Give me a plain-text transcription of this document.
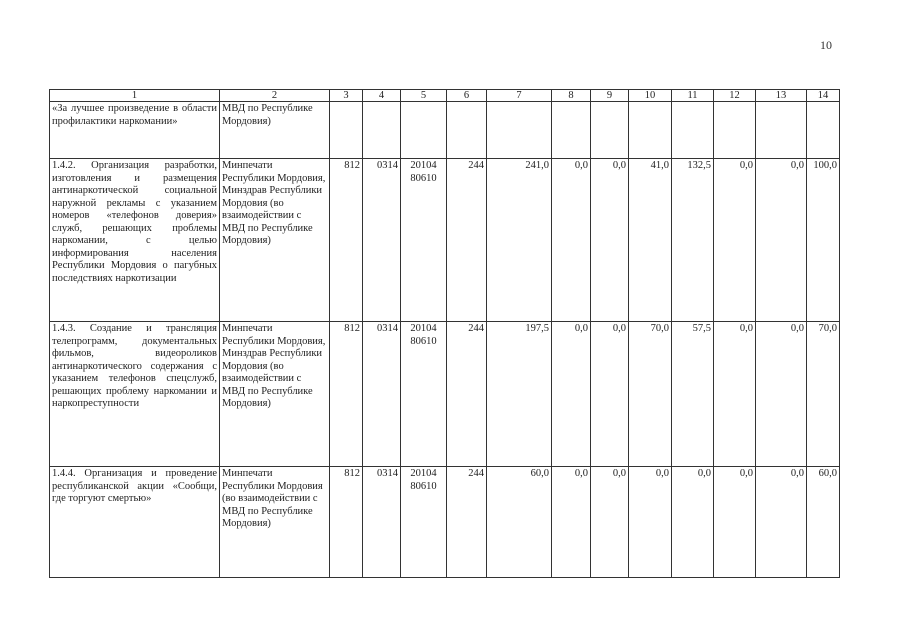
10
1	2	3	4	5	6	7	8	9	10	11	12	13	14
«За лучшее произведение в области профилактики наркомании»	МВД по Республике Мордовия)												
1.4.2. Организация разработки, изготовления и размещения антинаркотической социальной наружной рекламы с указанием номеров «телефонов доверия» служб, решающих проблемы наркомании, с целью информирования населения Республики Мордовия о пагубных последствиях наркотизации	Минпечати Республики Мордовия, Минздрав Республики Мордовия (во взаимодействии с МВД по Республике Мордовия)	812	0314	20104 80610	244	241,0	0,0	0,0	41,0	132,5	0,0	0,0	100,0
1.4.3. Создание и трансляция телепрограмм, документальных фильмов, видеороликов антинаркотического содержания с указанием телефонов спецслужб, решающих проблему наркомании и наркопреступности	Минпечати Республики Мордовия, Минздрав Республики Мордовия (во взаимодействии с МВД по Республике Мордовия)	812	0314	20104 80610	244	197,5	0,0	0,0	70,0	57,5	0,0	0,0	70,0
1.4.4. Организация и проведение республиканской акции «Сообщи, где торгуют смертью»	Минпечати Республики Мордовия (во взаимодействии с МВД по Республике Мордовия)	812	0314	20104 80610	244	60,0	0,0	0,0	0,0	0,0	0,0	0,0	60,0
